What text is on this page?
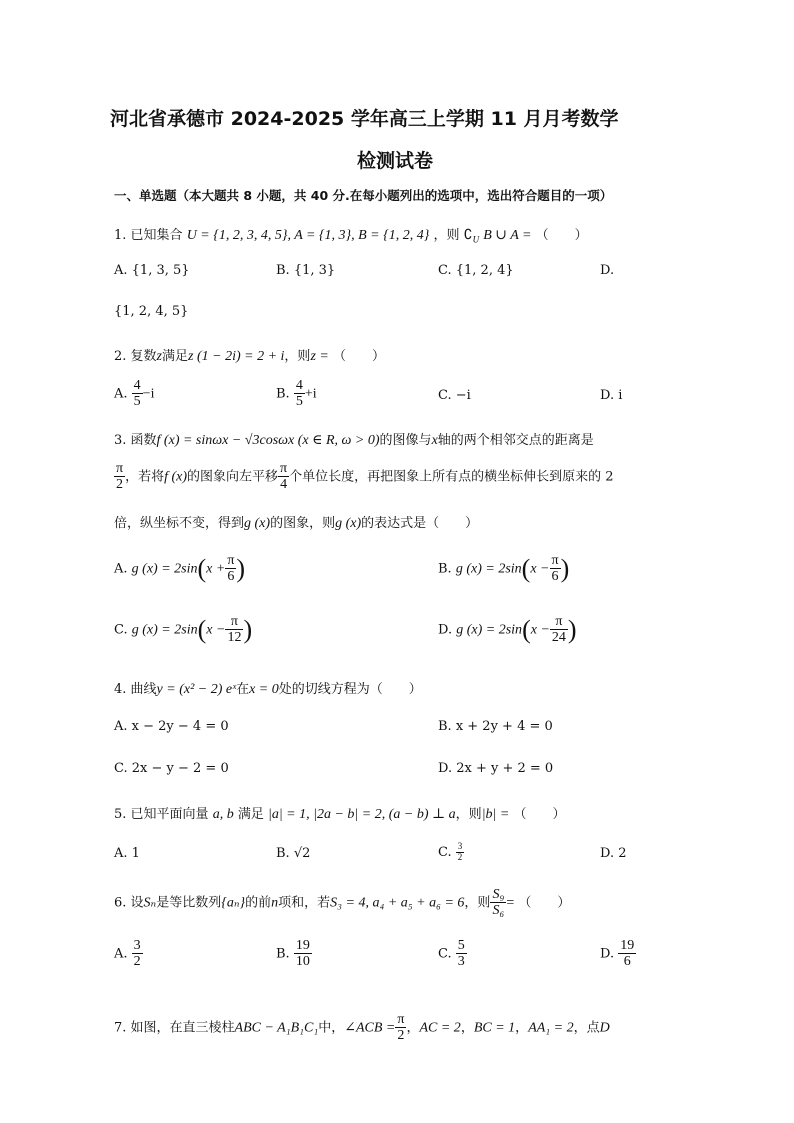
河北省承德市 2024-2025 学年高三上学期 11 月月考数学
检测试卷
一、单选题（本大题共 8 小题，共 40 分.在每小题列出的选项中，选出符合题目的一项）
1. 已知集合 U = {1, 2, 3, 4, 5}, A = {1, 3}, B = {1, 2, 4} ，则 $∁_U$ B ∪ A = （　　）
A. {1, 3, 5}	B. {1, 3}	C. {1, 2, 4}	D.
{1, 2, 4, 5}
2. 复数z满足z (1 − 2i) = 2 + i，则z = （　　）
A. $\frac{4}{5} -i$	B. $\frac{4}{5} +i$	C. −i	D. i
3. 函数f (x) = sinωx − √3cosωx (x ∈ R, ω > 0)的图像与x轴的两个相邻交点的距离是
$\frac{\pi}{2}$ ，若将f (x)的图象向左平移 $\frac{\pi}{4}$ 个单位长度，再把图象上所有点的横坐标伸长到原来的 2
倍，纵坐标不变，得到g (x)的图象，则g (x)的表达式是（　　）
A. g $(x) = 2\sin(x + \frac{\pi}{6}$ )	B. g $(x) = 2\sin(x - \frac{\pi}{6}$ )
C. g $(x) = 2\sin(x - \frac{\pi}{12}$ )	D. g $(x) = 2\sin(x - \frac{\pi}{24}$ )
4. 曲线y = (x² − 2) eˣ在x = 0处的切线方程为（　　）
A. x − 2y − 4 = 0	B. x + 2y + 4 = 0
C. 2x − y − 2 = 0	D. 2x + y + 2 = 0
5. 已知平面向量 a, b 满足 |a| = 1, |2a − b| = 2, (a − b) ⊥ a，则|b| = （　　）
A. 1	B. √2	C. $\frac{3}{2}$	D. 2
6. 设Sₙ是等比数列{aₙ}的前n项和，若S₃ = 4, a₄ + a₅ + a₆ = 6，则 $\frac{\text{S₉}}{\text{S₆}}$ = （　　）
A. $\frac{3}{2}$	B. $\frac{19}{10}$	C. $\frac{5}{3}$	D. $\frac{19}{6}$
7. 如图，在直三棱柱ABC − A₁B₁C₁中，∠ACB = $\frac{\pi}{2}$ ，AC = 2，BC = 1，AA₁ = 2，点D
